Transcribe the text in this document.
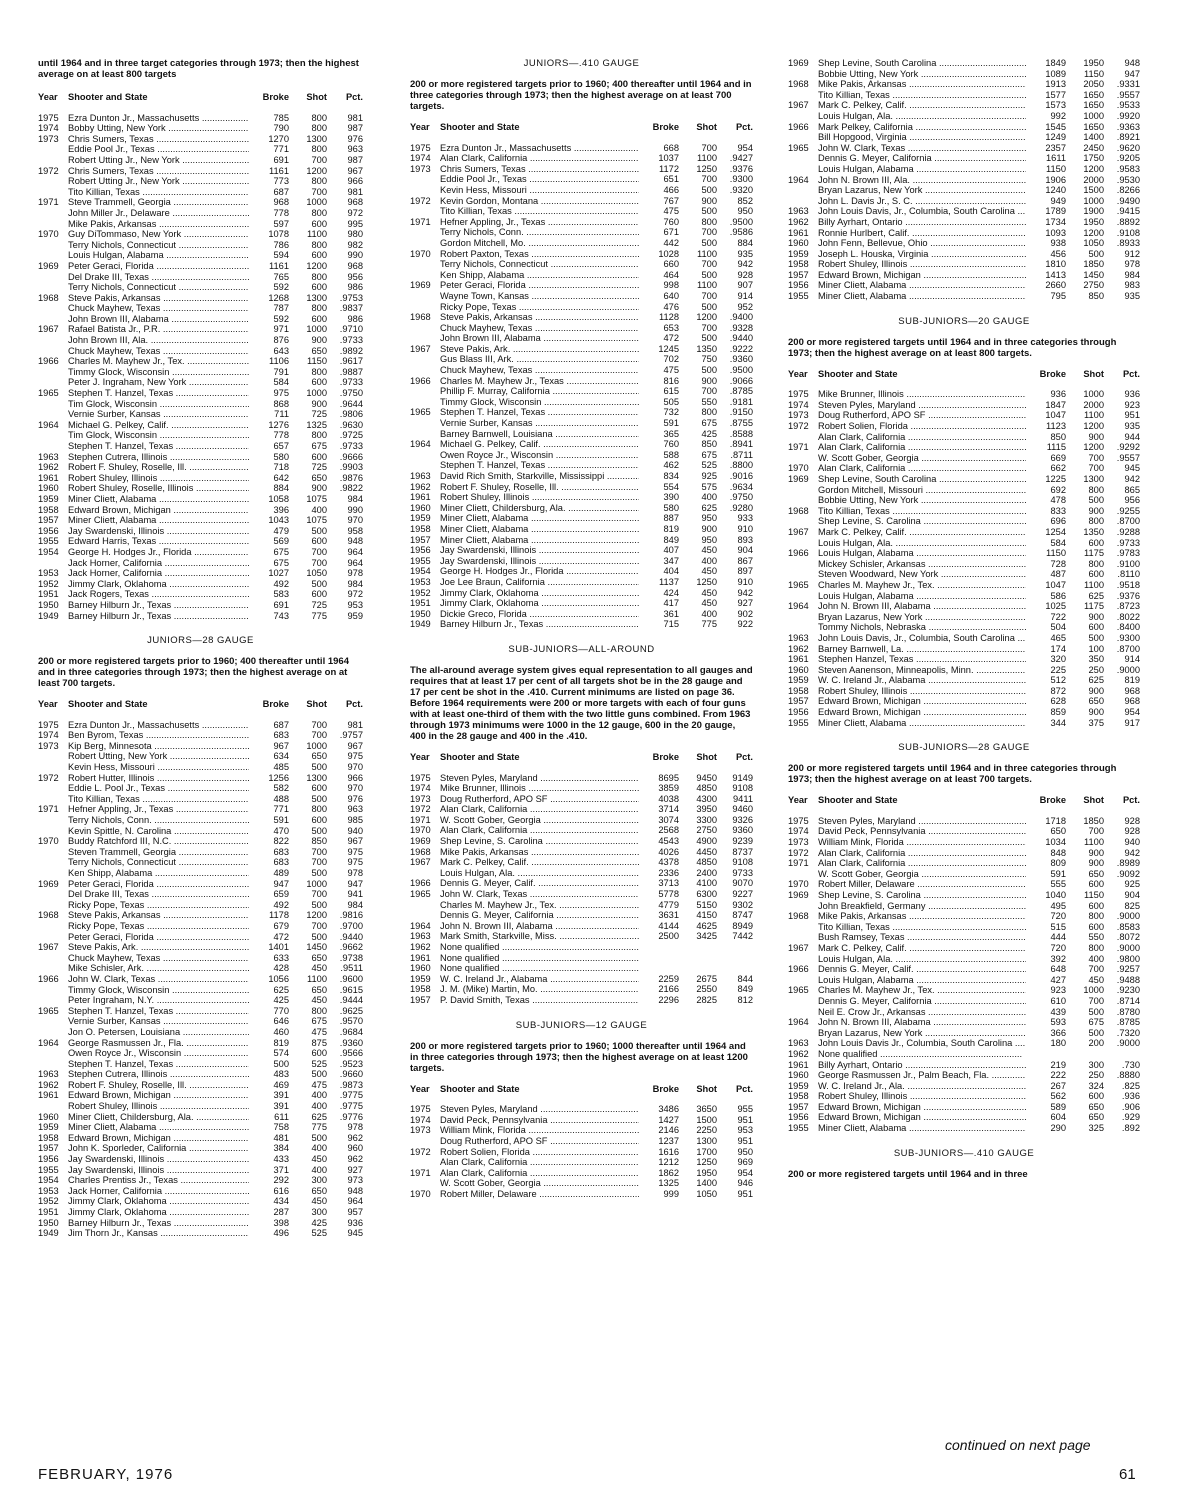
until 1964 and in three target categories through 1973; then the highest average on at least 800 targets
Year	Shooter and State	Broke	Shot	Pct.
1975	Ezra Dunton Jr., Massachusetts .....	785	800	981
1974	Bobby Utting, New York .....	790	800	987
1973	Chris Sumers, Texas .....	1270	1300	976
Eddie Pool Jr., Texas .....	771	800	963
Robert Utting Jr., New York .....	691	700	987
1972	Chris Sumers, Texas .....	1161	1200	967
Robert Utting Jr., New York .....	773	800	966
Tito Killian, Texas .....	687	700	981
1971	Steve Trammell, Georgia .....	968	1000	968
John Miller Jr., Delaware .....	778	800	972
Mike Pakis, Arkansas .....	597	600	995
1970	Guy DiTommaso, New York .....	1078	1100	980
Terry Nichols, Connecticut .....	786	800	982
Louis Hulgan, Alabama .....	594	600	990
1969	Peter Geraci, Florida .....	1161	1200	968
Del Drake III, Texas .....	765	800	956
Terry Nichols, Connecticut .....	592	600	986
1968	Steve Pakis, Arkansas .....	1268	1300	.9753
Chuck Mayhew, Texas .....	787	800	.9837
John Brown III, Alabama .....	592	600	986
1967	Rafael Batista Jr., P.R. .....	971	1000	.9710
John Brown III, Ala. .....	876	900	.9733
Chuck Mayhew, Texas .....	643	650	.9892
1966	Charles M. Mayhew Jr., Tex. .....	1106	1150	.9617
Timmy Glock, Wisconsin .....	791	800	.9887
Peter J. Ingraham, New York .....	584	600	.9733
1965	Stephen T. Hanzel, Texas .....	975	1000	.9750
Tim Glock, Wisconsin .....	868	900	.9644
Vernie Surber, Kansas .....	711	725	.9806
1964	Michael G. Pelkey, Calif. .....	1276	1325	.9630
Tim Glock, Wisconsin .....	778	800	.9725
Stephen T. Hanzel, Texas .....	657	675	.9733
1963	Stephen Cutrera, Illinois .....	580	600	.9666
1962	Robert F. Shuley, Roselle, Ill. .....	718	725	.9903
1961	Robert Shuley, Illinois .....	642	650	.9876
1960	Robert Shuley, Roselle, Illinois .....	884	900	.9822
1959	Miner Cliett, Alabama .....	1058	1075	984
1958	Edward Brown, Michigan .....	396	400	990
1957	Miner Cliett, Alabama .....	1043	1075	970
1956	Jay Swardenski, Illinois .....	479	500	958
1955	Edward Harris, Texas .....	569	600	948
1954	George H. Hodges Jr., Florida .....	675	700	964
Jack Horner, California .....	675	700	964
1953	Jack Horner, California .....	1027	1050	978
1952	Jimmy Clark, Oklahoma .....	492	500	984
1951	Jack Rogers, Texas .....	583	600	972
1950	Barney Hilburn Jr., Texas .....	691	725	953
1949	Barney Hilburn Jr., Texas .....	743	775	959
JUNIORS—28 GAUGE
200 or more registered targets prior to 1960; 400 thereafter until 1964 and in three categories through 1973; then the highest average on at least 700 targets.
Year	Shooter and State	Broke	Shot	Pct.
1975	Ezra Dunton Jr., Massachusetts .....	687	700	981
1974	Ben Byrom, Texas .....	683	700	.9757
1973	Kip Berg, Minnesota .....	967	1000	967
Robert Utting, New York .....	634	650	975
Kevin Hess, Missouri .....	485	500	970
1972	Robert Hutter, Illinois .....	1256	1300	966
Eddie L. Pool Jr., Texas .....	582	600	970
Tito Killian, Texas .....	488	500	976
1971	Hefner Appling, Jr., Texas .....	771	800	963
Terry Nichols, Conn. .....	591	600	985
Kevin Spittle, N. Carolina .....	470	500	940
1970	Buddy Ratchford III, N.C. .....	822	850	967
Steven Trammell, Georgia .....	683	700	975
Terry Nichols, Connecticut .....	683	700	975
Ken Shipp, Alabama .....	489	500	978
1969	Peter Geraci, Florida .....	947	1000	947
Del Drake III, Texas .....	659	700	941
Ricky Pope, Texas .....	492	500	984
1968	Steve Pakis, Arkansas .....	1178	1200	.9816
Ricky Pope, Texas .....	679	700	.9700
Peter Geraci, Florida .....	472	500	.9440
1967	Steve Pakis, Ark. .....	1401	1450	.9662
Chuck Mayhew, Texas .....	633	650	.9738
Mike Schisler, Ark. .....	428	450	.9511
1966	John W. Clark, Texas .....	1056	1100	.9600
Timmy Glock, Wisconsin .....	625	650	.9615
Peter Ingraham, N.Y. .....	425	450	.9444
1965	Stephen T. Hanzel, Texas .....	770	800	.9625
Vernie Surber, Kansas .....	646	675	.9570
Jon O. Petersen, Louisiana .....	460	475	.9684
1964	George Rasmussen Jr., Fla. .....	819	875	.9360
Owen Royce Jr., Wisconsin .....	574	600	.9566
Stephen T. Hanzel, Texas .....	500	525	.9523
1963	Stephen Cutrera, Illinois .....	483	500	.9660
1962	Robert F. Shuley, Roselle, Ill. .....	469	475	.9873
1961	Edward Brown, Michigan .....	391	400	.9775
Robert Shuley, Illinois .....	391	400	.9775
1960	Miner Cliett, Childersburg, Ala. .....	611	625	.9776
1959	Miner Cliett, Alabama .....	758	775	978
1958	Edward Brown, Michigan .....	481	500	962
1957	John K. Sporleder, California .....	384	400	960
1956	Jay Swardenski, Illinois .....	433	450	962
1955	Jay Swardenski, Illinois .....	371	400	927
1954	Charles Prentiss Jr., Texas .....	292	300	973
1953	Jack Horner, California .....	616	650	948
1952	Jimmy Clark, Oklahoma .....	434	450	964
1951	Jimmy Clark, Oklahoma .....	287	300	957
1950	Barney Hilburn Jr., Texas .....	398	425	936
1949	Jim Thorn Jr., Kansas .....	496	525	945
JUNIORS—.410 GAUGE
200 or more registered targets prior to 1960; 400 thereafter until 1964 and in three categories through 1973; then the highest average on at least 700 targets.
Year	Shooter and State	Broke	Shot	Pct.
1975	Ezra Dunton Jr., Massachusetts .....	668	700	954
1974	Alan Clark, California .....	1037	1100	.9427
1973	Chris Sumers, Texas .....	1172	1250	.9376
Eddie Pool Jr., Texas .....	651	700	.9300
Kevin Hess, Missouri .....	466	500	.9320
1972	Kevin Gordon, Montana .....	767	900	852
Tito Killian, Texas .....	475	500	950
1971	Hefner Appling, Jr., Texas .....	760	800	.9500
Terry Nichols, Conn. .....	671	700	.9586
Gordon Mitchell, Mo. .....	442	500	884
1970	Robert Paxton, Texas .....	1028	1100	935
Terry Nichols, Connecticut .....	660	700	942
Ken Shipp, Alabama .....	464	500	928
1969	Peter Geraci, Florida .....	998	1100	907
Wayne Town, Kansas .....	640	700	914
Ricky Pope, Texas .....	476	500	952
1968	Steve Pakis, Arkansas .....	1128	1200	.9400
Chuck Mayhew, Texas .....	653	700	.9328
John Brown III, Alabama .....	472	500	.9440
1967	Steve Pakis, Ark. .....	1245	1350	.9222
Gus Blass III, Ark. .....	702	750	.9360
Chuck Mayhew, Texas .....	475	500	.9500
1966	Charles M. Mayhew Jr., Texas .....	816	900	.9066
Phillip F. Murray, California .....	615	700	.8785
Timmy Glock, Wisconsin .....	505	550	.9181
1965	Stephen T. Hanzel, Texas .....	732	800	.9150
Vernie Surber, Kansas .....	591	675	.8755
Barney Barnwell, Louisiana .....	365	425	.8588
1964	Michael G. Pelkey, Calif. .....	760	850	.8941
Owen Royce Jr., Wisconsin .....	588	675	.8711
Stephen T. Hanzel, Texas .....	462	525	.8800
1963	David Rich Smith, Starkville, Mississippi .....	834	925	.9016
1962	Robert F. Shuley, Roselle, Ill. .....	554	575	.9634
1961	Robert Shuley, Illinois .....	390	400	.9750
1960	Miner Cliett, Childersburg, Ala. .....	580	625	.9280
1959	Miner Cliett, Alabama .....	887	950	933
1958	Miner Cliett, Alabama .....	819	900	910
1957	Miner Cliett, Alabama .....	849	950	893
1956	Jay Swardenski, Illinois .....	407	450	904
1955	Jay Swardenski, Illinois .....	347	400	867
1954	George H. Hodges Jr., Florida .....	404	450	897
1953	Joe Lee Braun, California .....	1137	1250	910
1952	Jimmy Clark, Oklahoma .....	424	450	942
1951	Jimmy Clark, Oklahoma .....	417	450	927
1950	Dickie Greco, Florida .....	361	400	902
1949	Barney Hilburn Jr., Texas .....	715	775	922
SUB-JUNIORS—ALL-AROUND
The all-around average system gives equal representation to all gauges and requires that at least 17 per cent of all targets shot be in the 28 gauge and 17 per cent be shot in the .410. Current minimums are listed on page 36. Before 1964 requirements were 200 or more targets with each of four guns with at least one-third of them with the two little guns combined. From 1963 through 1973 minimums were 1000 in the 12 gauge, 600 in the 20 gauge, 400 in the 28 gauge and 400 in the .410.
Year	Shooter and State	Broke	Shot	Pct.
1975	Steven Pyles, Maryland .....	8695	9450	9149
1974	Mike Brunner, Illinois .....	3859	4850	9108
1973	Doug Rutherford, APO SF .....	4038	4300	9411
1972	Alan Clark, California .....	3714	3950	9460
1971	W. Scott Gober, Georgia .....	3074	3300	9326
1970	Alan Clark, California .....	2568	2750	9360
1969	Shep Levine, S. Carolina .....	4543	4900	9239
1968	Mike Pakis, Arkansas .....	4026	4450	8737
1967	Mark C. Pelkey, Calif. .....	4378	4850	9108
Louis Hulgan, Ala. .....	2336	2400	9733
1966	Dennis G. Meyer, Calif. .....	3713	4100	9070
1965	John W. Clark, Texas .....	5778	6300	9227
Charles M. Mayhew Jr., Tex. .....	4779	5150	9302
Dennis G. Meyer, California .....	3631	4150	8747
1964	John N. Brown III, Alabama .....	4144	4625	8949
1963	Mark Smith, Starkville, Miss. .....	2500	3425	7442
1962	None qualified .....
1961	None qualified .....
1960	None qualified .....
1959	W. C. Ireland Jr., Alabama .....	2259	2675	844
1958	J. M. (Mike) Martin, Mo. .....	2166	2550	849
1957	P. David Smith, Texas .....	2296	2825	812
SUB-JUNIORS—12 GAUGE
200 or more registered targets prior to 1960; 1000 thereafter until 1964 and in three categories through 1973; then the highest average on at least 1200 targets.
Year	Shooter and State	Broke	Shot	Pct.
1975	Steven Pyles, Maryland .....	3486	3650	955
1974	David Peck, Pennsylvania .....	1427	1500	951
1973	William Mink, Florida .....	2146	2250	953
Doug Rutherford, APO SF .....	1237	1300	951
1972	Robert Solien, Florida .....	1616	1700	950
Alan Clark, California .....	1212	1250	969
1971	Alan Clark, California .....	1862	1950	954
W. Scott Gober, Georgia .....	1325	1400	946
1970	Robert Miller, Delaware .....	999	1050	951
1969	Shep Levine, South Carolina .....	1849	1950	948
Bobbie Utting, New York .....	1089	1150	947
1968	Mike Pakis, Arkansas .....	1913	2050	.9331
Tito Killian, Texas .....	1577	1650	.9557
1967	Mark C. Pelkey, Calif. .....	1573	1650	.9533
Louis Hulgan, Ala. .....	992	1000	.9920
1966	Mark Pelkey, California .....	1545	1650	.9363
Bill Hopgood, Virginia .....	1249	1400	.8921
1965	John W. Clark, Texas .....	2357	2450	.9620
Dennis G. Meyer, California .....	1611	1750	.9205
Louis Hulgan, Alabama .....	1150	1200	.9583
1964	John N. Brown III, Ala. .....	1906	2000	.9530
Bryan Lazarus, New York .....	1240	1500	.8266
John L. Davis Jr., S. C. .....	949	1000	.9490
1963	John Louis Davis, Jr., Columbia, South Carolina .....	1789	1900	.9415
1962	Billy Ayrhart, Ontario .....	1734	1950	.8892
1961	Ronnie Hurlbert, Calif. .....	1093	1200	.9108
1960	John Fenn, Bellevue, Ohio .....	938	1050	.8933
1959	Joseph L. Houska, Virginia .....	456	500	912
1958	Robert Shuley, Illinois .....	1810	1850	978
1957	Edward Brown, Michigan .....	1413	1450	984
1956	Miner Cliett, Alabama .....	2660	2750	983
1955	Miner Cliett, Alabama .....	795	850	935
SUB-JUNIORS—20 GAUGE
200 or more registered targets until 1964 and in three categories through 1973; then the highest average on at least 800 targets.
Year	Shooter and State	Broke	Shot	Pct.
1975	Mike Brunner, Illinois .....	936	1000	936
1974	Steven Pyles, Maryland .....	1847	2000	923
1973	Doug Rutherford, APO SF .....	1047	1100	951
1972	Robert Solien, Florida .....	1123	1200	935
Alan Clark, California .....	850	900	944
1971	Alan Clark, California .....	1115	1200	.9292
W. Scott Gober, Georgia .....	669	700	.9557
1970	Alan Clark, California .....	662	700	945
1969	Shep Levine, South Carolina .....	1225	1300	942
Gordon Mitchell, Missouri .....	692	800	865
Bobbie Utting, New York .....	478	500	956
1968	Tito Killian, Texas .....	833	900	.9255
Shep Levine, S. Carolina .....	696	800	.8700
1967	Mark C. Pelkey, Calif. .....	1254	1350	.9288
Louis Hulgan, Ala. .....	584	600	.9733
1966	Louis Hulgan, Alabama .....	1150	1175	.9783
Mickey Schisler, Arkansas .....	728	800	.9100
Steven Woodward, New York .....	487	600	.8110
1965	Charles M. Mayhew Jr., Tex. .....	1047	1100	.9518
Louis Hulgan, Alabama .....	586	625	.9376
1964	John N. Brown III, Alabama .....	1025	1175	.8723
Bryan Lazarus, New York .....	722	900	.8022
Tommy Nichols, Nebraska .....	504	600	.8400
1963	John Louis Davis, Jr., Columbia, South Carolina .....	465	500	.9300
1962	Barney Barnwell, La. .....	174	100	.8700
1961	Stephen Hanzel, Texas .....	320	350	914
1960	Steven Aanenson, Minneapolis, Minn. .....	225	250	.9000
1959	W. C. Ireland Jr., Alabama .....	512	625	819
1958	Robert Shuley, Illinois .....	872	900	968
1957	Edward Brown, Michigan .....	628	650	968
1956	Edward Brown, Michigan .....	859	900	954
1955	Miner Cliett, Alabama .....	344	375	917
SUB-JUNIORS—28 GAUGE
200 or more registered targets until 1964 and in three categories through 1973; then the highest average on at least 700 targets.
Year	Shooter and State	Broke	Shot	Pct.
1975	Steven Pyles, Maryland .....	1718	1850	928
1974	David Peck, Pennsylvania .....	650	700	928
1973	William Mink, Florida .....	1034	1100	940
1972	Alan Clark, California .....	848	900	942
1971	Alan Clark, California .....	809	900	.8989
W. Scott Gober, Georgia .....	591	650	.9092
1970	Robert Miller, Delaware .....	555	600	925
1969	Shep Levine, S. Carolina .....	1040	1150	904
John Breakfield, Germany .....	495	600	825
1968	Mike Pakis, Arkansas .....	720	800	.9000
Tito Killian, Texas .....	515	600	.8583
Bush Ramsey, Texas .....	444	550	.8072
1967	Mark C. Pelkey, Calif. .....	720	800	.9000
Louis Hulgan, Ala. .....	392	400	.9800
1966	Dennis G. Meyer, Calif. .....	648	700	.9257
Louis Hulgan, Alabama .....	427	450	.9488
1965	Charles M. Mayhew Jr., Tex. .....	923	1000	.9230
Dennis G. Meyer, California .....	610	700	.8714
Neil E. Crow Jr., Arkansas .....	439	500	.8780
1964	John N. Brown III, Alabama .....	593	675	.8785
Bryan Lazarus, New York .....	366	500	.7320
1963	John Louis Davis Jr., Columbia, South Carolina .....	180	200	.9000
1962	None qualified .....
1961	Billy Ayrhart, Ontario .....	219	300	.730
1960	George Rasmussen Jr., Palm Beach, Fla. .....	222	250	.8880
1959	W. C. Ireland Jr., Ala. .....	267	324	.825
1958	Robert Shuley, Illinois .....	562	600	.936
1957	Edward Brown, Michigan .....	589	650	.906
1956	Edward Brown, Michigan .....	604	650	.929
1955	Miner Cliett, Alabama .....	290	325	.892
SUB-JUNIORS—.410 GAUGE
200 or more registered targets until 1964 and in three
continued on next page
FEBRUARY, 1976	61
